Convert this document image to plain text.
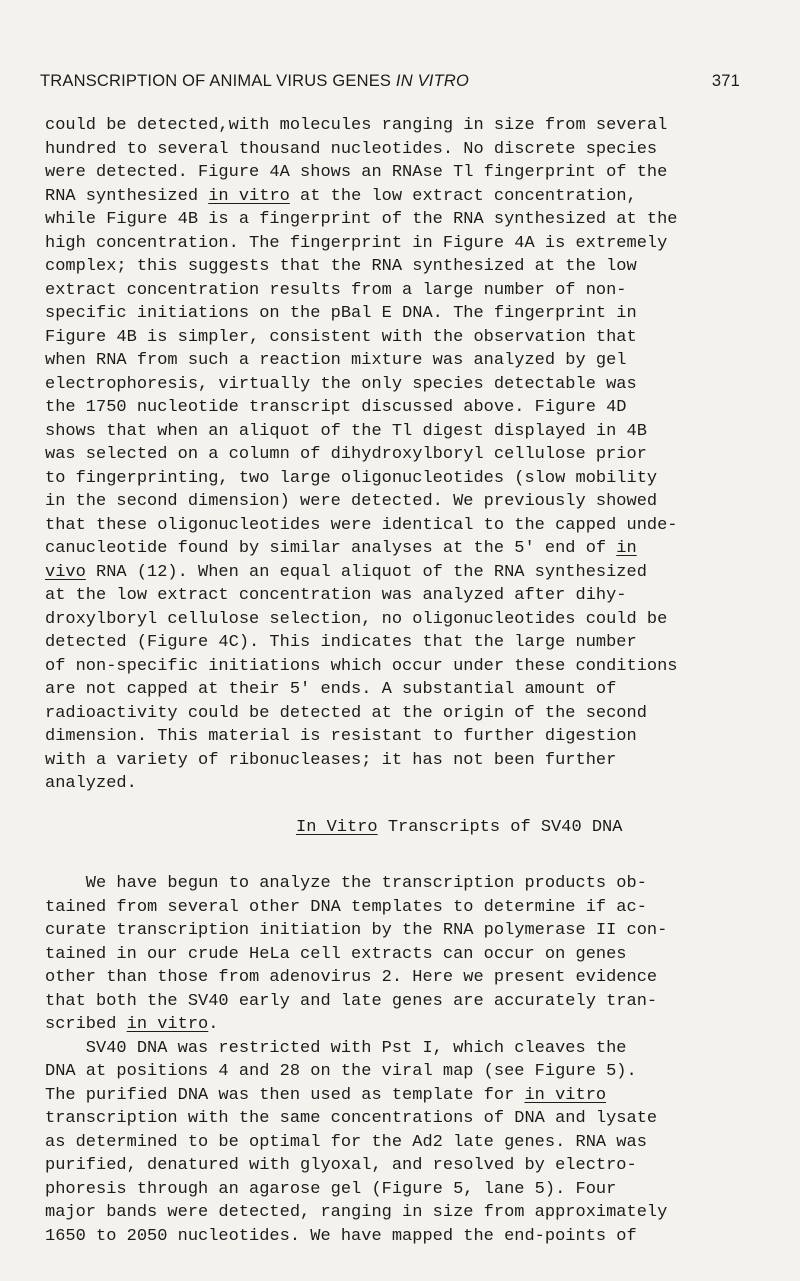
TRANSCRIPTION OF ANIMAL VIRUS GENES IN VITRO	371
could be detected,with molecules ranging in size from several
hundred to several thousand nucleotides. No discrete species
were detected. Figure 4A shows an RNAse Tl fingerprint of the
RNA synthesized in vitro at the low extract concentration,
while Figure 4B is a fingerprint of the RNA synthesized at the
high concentration. The fingerprint in Figure 4A is extremely
complex; this suggests that the RNA synthesized at the low
extract concentration results from a large number of non-
specific initiations on the pBal E DNA. The fingerprint in
Figure 4B is simpler, consistent with the observation that
when RNA from such a reaction mixture was analyzed by gel
electrophoresis, virtually the only species detectable was
the 1750 nucleotide transcript discussed above. Figure 4D
shows that when an aliquot of the Tl digest displayed in 4B
was selected on a column of dihydroxylboryl cellulose prior
to fingerprinting, two large oligonucleotides (slow mobility
in the second dimension) were detected. We previously showed
that these oligonucleotides were identical to the capped unde-
canucleotide found by similar analyses at the 5' end of in
vivo RNA (12). When an equal aliquot of the RNA synthesized
at the low extract concentration was analyzed after dihy-
droxylboryl cellulose selection, no oligonucleotides could be
detected (Figure 4C). This indicates that the large number
of non-specific initiations which occur under these conditions
are not capped at their 5' ends. A substantial amount of
radioactivity could be detected at the origin of the second
dimension. This material is resistant to further digestion
with a variety of ribonucleases; it has not been further
analyzed.
In Vitro Transcripts of SV40 DNA
We have begun to analyze the transcription products ob-
tained from several other DNA templates to determine if ac-
curate transcription initiation by the RNA polymerase II con-
tained in our crude HeLa cell extracts can occur on genes
other than those from adenovirus 2. Here we present evidence
that both the SV40 early and late genes are accurately tran-
scribed in vitro.
SV40 DNA was restricted with Pst I, which cleaves the
DNA at positions 4 and 28 on the viral map (see Figure 5).
The purified DNA was then used as template for in vitro
transcription with the same concentrations of DNA and lysate
as determined to be optimal for the Ad2 late genes. RNA was
purified, denatured with glyoxal, and resolved by electro-
phoresis through an agarose gel (Figure 5, lane 5). Four
major bands were detected, ranging in size from approximately
1650 to 2050 nucleotides. We have mapped the end-points of
